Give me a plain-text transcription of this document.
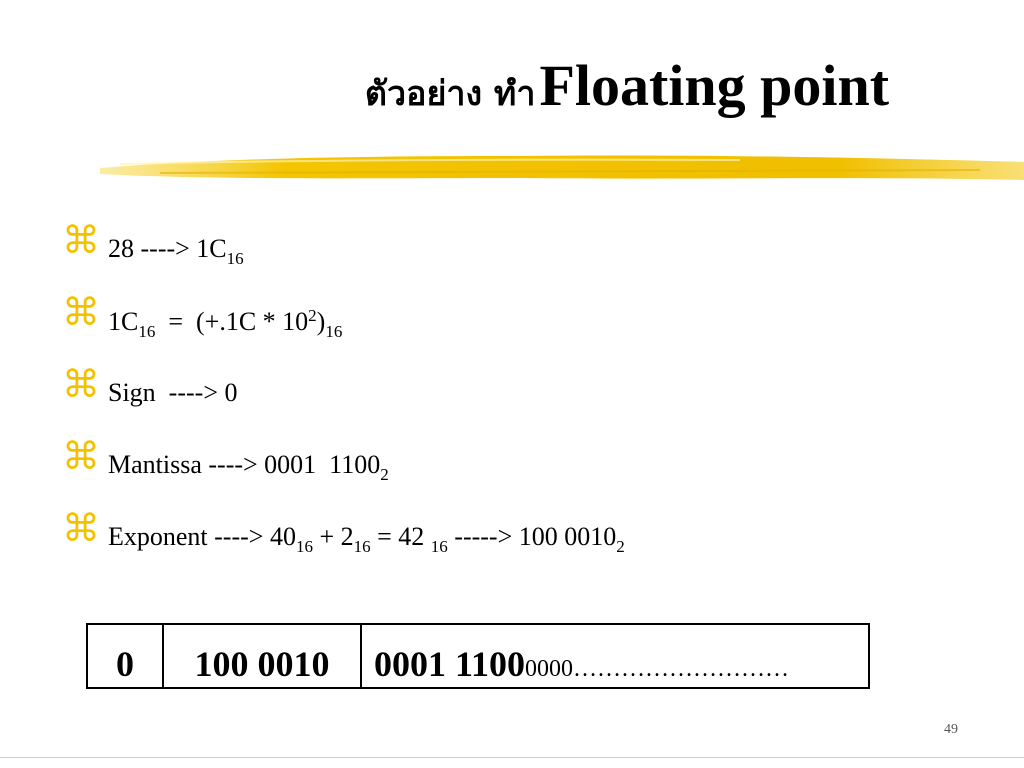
ตัวอย่าง ทำ Floating point
⌘ 28 ----> $1C_{16}$
⌘ $1C_{16} = (+.1C * 10^2)_{16}$
⌘ Sign  ----> 0
⌘ Mantissa ----> 0001  $1100_2$
⌘ Exponent ----> $40_{16} + 2_{16} = 42$ $_{16}$ -----> 100 $0010_2$
0	100 0010	0001 1100 0000………………………
49
